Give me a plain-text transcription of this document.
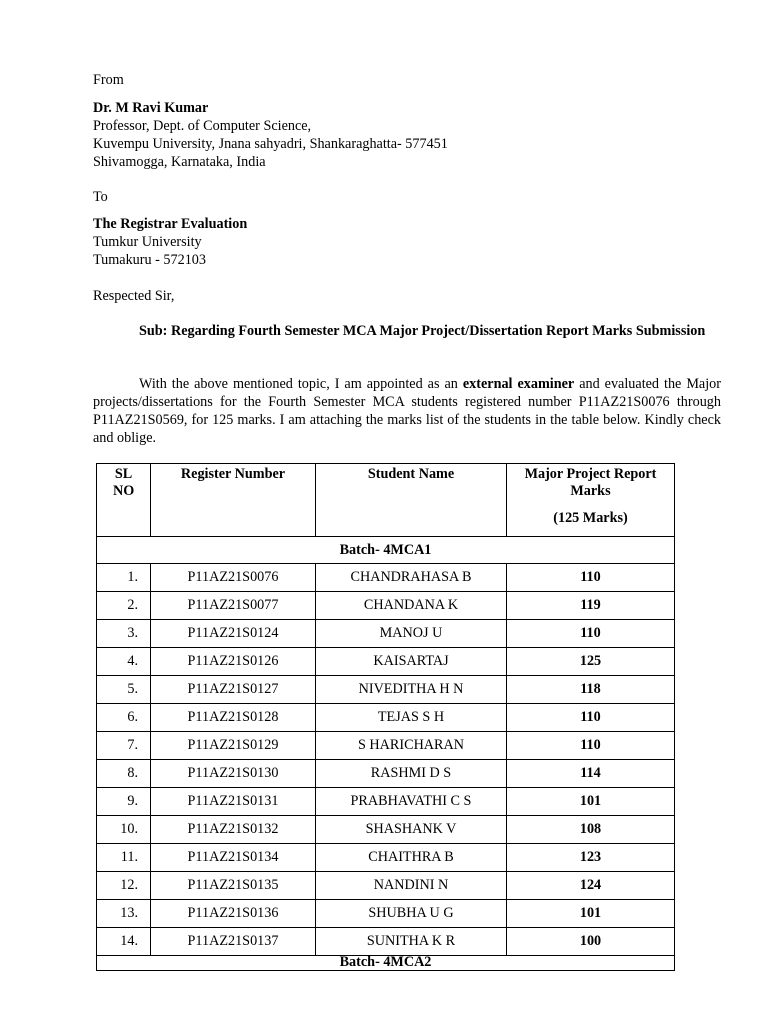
From
Dr. M Ravi Kumar
Professor, Dept. of Computer Science,
Kuvempu University, Jnana sahyadri, Shankaraghatta- 577451
Shivamogga, Karnataka, India
To
The Registrar Evaluation
Tumkur University
Tumakuru - 572103
Respected Sir,
Sub: Regarding Fourth Semester MCA Major Project/Dissertation Report Marks Submission
With the above mentioned topic, I am appointed as an external examiner and evaluated the Major projects/dissertations for the Fourth Semester MCA students registered number P11AZ21S0076 through P11AZ21S0569, for 125 marks. I am attaching the marks list of the students in the table below. Kindly check and oblige.
SL NO	Register Number	Student Name	Major Project Report Marks
(125 Marks)

Batch- 4MCA1			
1.	P11AZ21S0076	CHANDRAHASA B	110
2.	P11AZ21S0077	CHANDANA K	119
3.	P11AZ21S0124	MANOJ U	110
4.	P11AZ21S0126	KAISARTAJ	125
5.	P11AZ21S0127	NIVEDITHA H N	118
6.	P11AZ21S0128	TEJAS S H	110
7.	P11AZ21S0129	S HARICHARAN	110
8.	P11AZ21S0130	RASHMI D S	114
9.	P11AZ21S0131	PRABHAVATHI C S	101
10.	P11AZ21S0132	SHASHANK V	108
11.	P11AZ21S0134	CHAITHRA B	123
12.	P11AZ21S0135	NANDINI N	124
13.	P11AZ21S0136	SHUBHA U G	101
14.	P11AZ21S0137	SUNITHA K R	100
Batch- 4MCA2			
